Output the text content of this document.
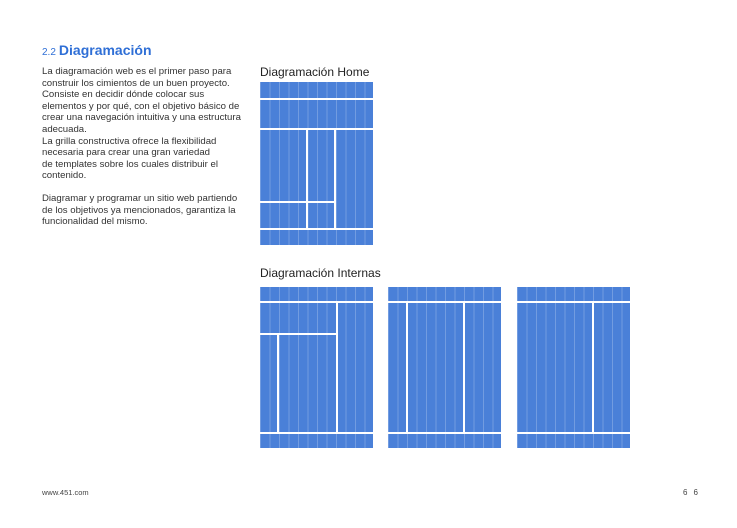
2.2 Diagramación

La diagramación web es el primer paso para
construir los cimientos de un buen proyecto.
Consiste en decidir dónde colocar sus
elementos y por qué, con el objetivo básico de
crear una navegación intuitiva y una estructura
adecuada.
La grilla constructiva ofrece la flexibilidad
necesaria para crear una gran variedad
de templates sobre los cuales distribuir el
contenido.

Diagramar y programar un sitio web partiendo
de los objetivos ya mencionados, garantiza la
funcionalidad del mismo.

Diagramación Home
Diagramación Internas
www.451.com	66
